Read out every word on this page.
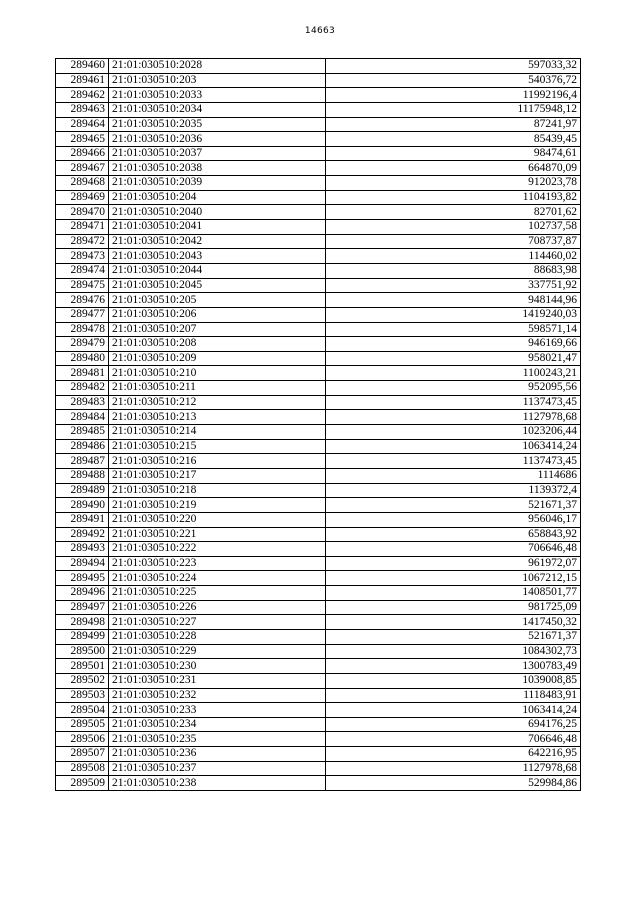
14663
289460	21:01:030510:2028	597033,32
289461	21:01:030510:203	540376,72
289462	21:01:030510:2033	11992196,4
289463	21:01:030510:2034	11175948,12
289464	21:01:030510:2035	87241,97
289465	21:01:030510:2036	85439,45
289466	21:01:030510:2037	98474,61
289467	21:01:030510:2038	664870,09
289468	21:01:030510:2039	912023,78
289469	21:01:030510:204	1104193,82
289470	21:01:030510:2040	82701,62
289471	21:01:030510:2041	102737,58
289472	21:01:030510:2042	708737,87
289473	21:01:030510:2043	114460,02
289474	21:01:030510:2044	88683,98
289475	21:01:030510:2045	337751,92
289476	21:01:030510:205	948144,96
289477	21:01:030510:206	1419240,03
289478	21:01:030510:207	598571,14
289479	21:01:030510:208	946169,66
289480	21:01:030510:209	958021,47
289481	21:01:030510:210	1100243,21
289482	21:01:030510:211	952095,56
289483	21:01:030510:212	1137473,45
289484	21:01:030510:213	1127978,68
289485	21:01:030510:214	1023206,44
289486	21:01:030510:215	1063414,24
289487	21:01:030510:216	1137473,45
289488	21:01:030510:217	1114686
289489	21:01:030510:218	1139372,4
289490	21:01:030510:219	521671,37
289491	21:01:030510:220	956046,17
289492	21:01:030510:221	658843,92
289493	21:01:030510:222	706646,48
289494	21:01:030510:223	961972,07
289495	21:01:030510:224	1067212,15
289496	21:01:030510:225	1408501,77
289497	21:01:030510:226	981725,09
289498	21:01:030510:227	1417450,32
289499	21:01:030510:228	521671,37
289500	21:01:030510:229	1084302,73
289501	21:01:030510:230	1300783,49
289502	21:01:030510:231	1039008,85
289503	21:01:030510:232	1118483,91
289504	21:01:030510:233	1063414,24
289505	21:01:030510:234	694176,25
289506	21:01:030510:235	706646,48
289507	21:01:030510:236	642216,95
289508	21:01:030510:237	1127978,68
289509	21:01:030510:238	529984,86
